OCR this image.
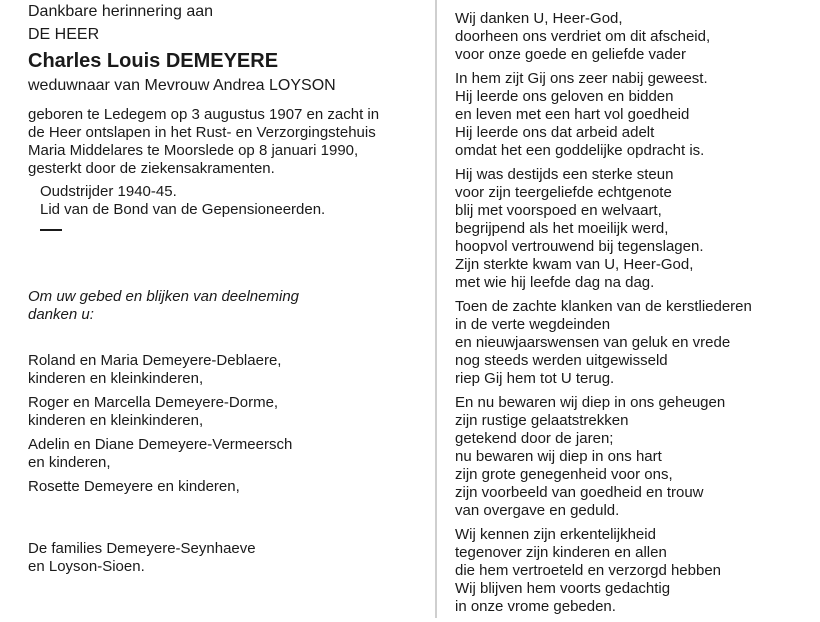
Dankbare herinnering aan
DE HEER
Charles Louis DEMEYERE
weduwnaar van Mevrouw Andrea LOYSON
geboren te Ledegem op 3 augustus 1907 en zacht in
de Heer ontslapen in het Rust- en Verzorgingstehuis
Maria Middelares te Moorslede op 8 januari 1990,
gesterkt door de ziekensakramenten.
Oudstrijder 1940-45.
Lid van de Bond van de Gepensioneerden.
Om uw gebed en blijken van deelneming
danken u:
Roland en Maria Demeyere-Deblaere,
kinderen en kleinkinderen,
Roger en Marcella Demeyere-Dorme,
kinderen en kleinkinderen,
Adelin en Diane Demeyere-Vermeersch
en kinderen,
Rosette Demeyere en kinderen,
De families Demeyere-Seynhaeve
en Loyson-Sioen.
Wij danken U, Heer-God,
doorheen ons verdriet om dit afscheid,
voor onze goede en geliefde vader
In hem zijt Gij ons zeer nabij geweest.
Hij leerde ons geloven en bidden
en leven met een hart vol goedheid
Hij leerde ons dat arbeid adelt
omdat het een goddelijke opdracht is.
Hij was destijds een sterke steun
voor zijn teergeliefde echtgenote
blij met voorspoed en welvaart,
begrijpend als het moeilijk werd,
hoopvol vertrouwend bij tegenslagen.
Zijn sterkte kwam van U, Heer-God,
met wie hij leefde dag na dag.
Toen de zachte klanken van de kerstliederen
in de verte wegdeinden
en nieuwjaarswensen van geluk en vrede
nog steeds werden uitgewisseld
riep Gij hem tot U terug.
En nu bewaren wij diep in ons geheugen
zijn rustige gelaatstrekken
getekend door de jaren;
nu bewaren wij diep in ons hart
zijn grote genegenheid voor ons,
zijn voorbeeld van goedheid en trouw
van overgave en geduld.
Wij kennen zijn erkentelijkheid
tegenover zijn kinderen en allen
die hem vertroeteld en verzorgd hebben
Wij blijven hem voorts gedachtig
in onze vrome gebeden.
